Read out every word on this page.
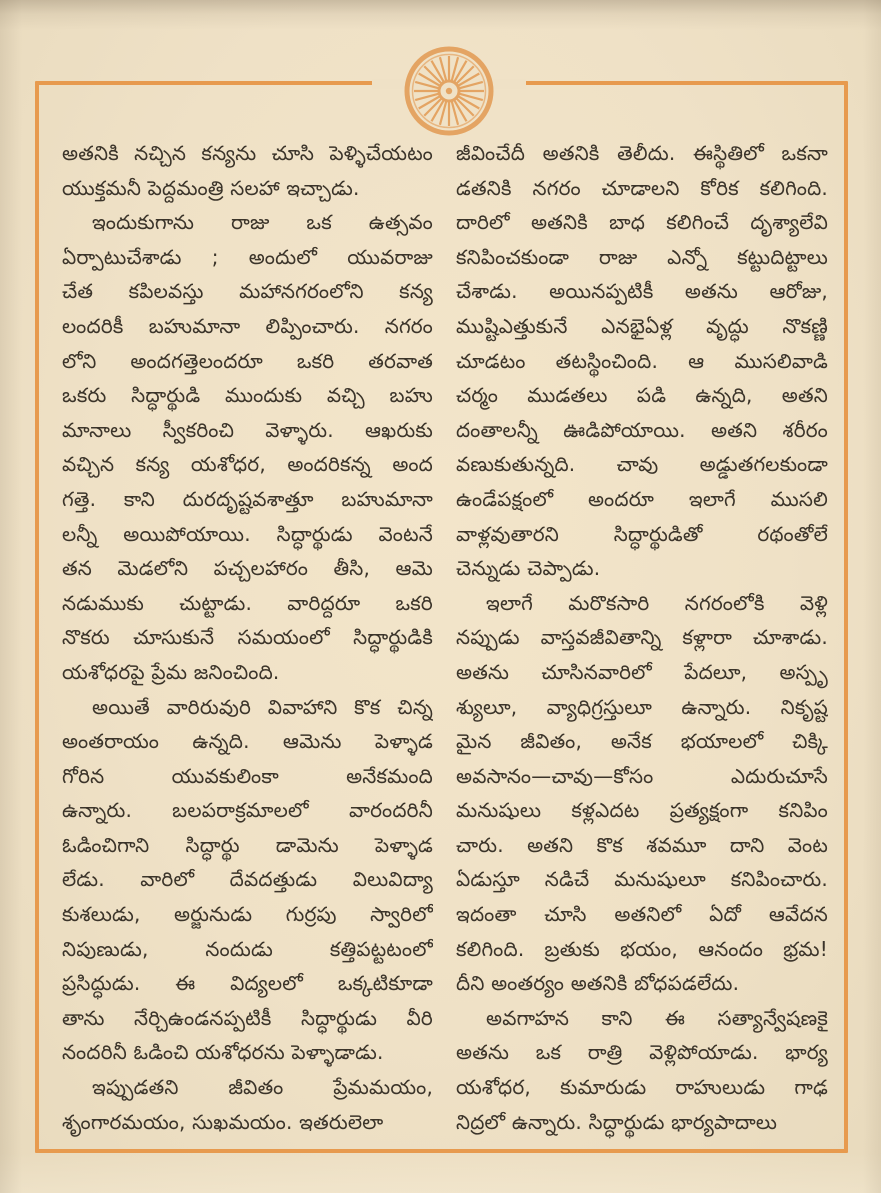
అతనికి నచ్చిన కన్యను చూసి పెళ్ళిచేయటం
యుక్తమనీ పెద్దమంత్రి సలహా ఇచ్చాడు.
ఇందుకుగాను రాజు ఒక ఉత్సవం
ఏర్పాటుచేశాడు ; అందులో యువరాజు
చేత కపిలవస్తు మహానగరంలోని కన్య
లందరికీ బహుమానా లిప్పించారు. నగరం
లోని అందగత్తెలందరూ ఒకరి తరవాత
ఒకరు సిద్ధార్థుడి ముందుకు వచ్చి బహు
మానాలు స్వీకరించి వెళ్ళారు. ఆఖరుకు
వచ్చిన కన్య యశోధర, అందరికన్న అంద
గత్తె. కాని దురదృష్టవశాత్తూ బహుమానా
లన్నీ అయిపోయాయి. సిద్ధార్థుడు వెంటనే
తన మెడలోని పచ్చలహారం తీసి, ఆమె
నడుముకు చుట్టాడు. వారిద్దరూ ఒకరి
నొకరు చూసుకునే సమయంలో సిద్ధార్థుడికి
యశోధరపై ప్రేమ జనించింది.
అయితే వారిరువురి వివాహాని కొక చిన్న
అంతరాయం ఉన్నది. ఆమెను పెళ్ళాడ
గోరిన యువకులింకా అనేకమంది
ఉన్నారు. బలపరాక్రమాలలో వారందరినీ
ఓడించిగాని సిద్ధార్థు డామెను పెళ్ళాడ
లేడు. వారిలో దేవదత్తుడు విలువిద్యా
కుశలుడు, అర్జునుడు గుర్రపు స్వారిలో
నిపుణుడు, నందుడు కత్తిపట్టటంలో
ప్రసిద్ధుడు. ఈ విద్యలలో ఒక్కటికూడా
తాను నేర్చిఉండనప్పటికీ సిద్ధార్థుడు వీరి
నందరినీ ఓడించి యశోధరను పెళ్ళాడాడు.
ఇప్పుడతని జీవితం ప్రేమమయం,
శృంగారమయం, సుఖమయం. ఇతరులెలా
జీవించేదీ అతనికి తెలీదు. ఈస్థితిలో ఒకనా
డతనికి నగరం చూడాలని కోరిక కలిగింది.
దారిలో అతనికి బాధ కలిగించే దృశ్యాలేవి
కనిపించకుండా రాజు ఎన్నో కట్టుదిట్టాలు
చేశాడు. అయినప్పటికీ అతను ఆరోజు,
ముష్టిఎత్తుకునే ఎనభైఏళ్ల వృద్ధు నొకణ్ణి
చూడటం తటస్థించింది. ఆ ముసలివాడి
చర్మం ముడతలు పడి ఉన్నది, అతని
దంతాలన్నీ ఊడిపోయాయి. అతని శరీరం
వణుకుతున్నది. చావు అడ్డుతగలకుండా
ఉండేపక్షంలో అందరూ ఇలాగే ముసలి
వాళ్లవుతారని సిద్ధార్థుడితో రథంతోలే
చెన్నుడు చెప్పాడు.
ఇలాగే మరొకసారి నగరంలోకి వెళ్లి
నప్పుడు వాస్తవజీవితాన్ని కళ్లారా చూశాడు.
అతను చూసినవారిలో పేదలూ, అస్పృ
శ్యులూ, వ్యాధిగ్రస్తులూ ఉన్నారు. నికృష్ట
మైన జీవితం, అనేక భయాలలో చిక్కి
అవసానం—చావు—కోసం ఎదురుచూసే
మనుషులు కళ్లఎదట ప్రత్యక్షంగా కనిపిం
చారు. అతని కొక శవమూ దాని వెంట
ఏడుస్తూ నడిచే మనుషులూ కనిపించారు.
ఇదంతా చూసి అతనిలో ఏదో ఆవేదన
కలిగింది. బ్రతుకు భయం, ఆనందం భ్రమ!
దీని అంతర్యం అతనికి బోధపడలేదు.
అవగాహన కాని ఈ సత్యాన్వేషణకై
అతను ఒక రాత్రి వెళ్లిపోయాడు. భార్య
యశోధర, కుమారుడు రాహులుడు గాఢ
నిద్రలో ఉన్నారు. సిద్ధార్థుడు భార్యపాదాలు
